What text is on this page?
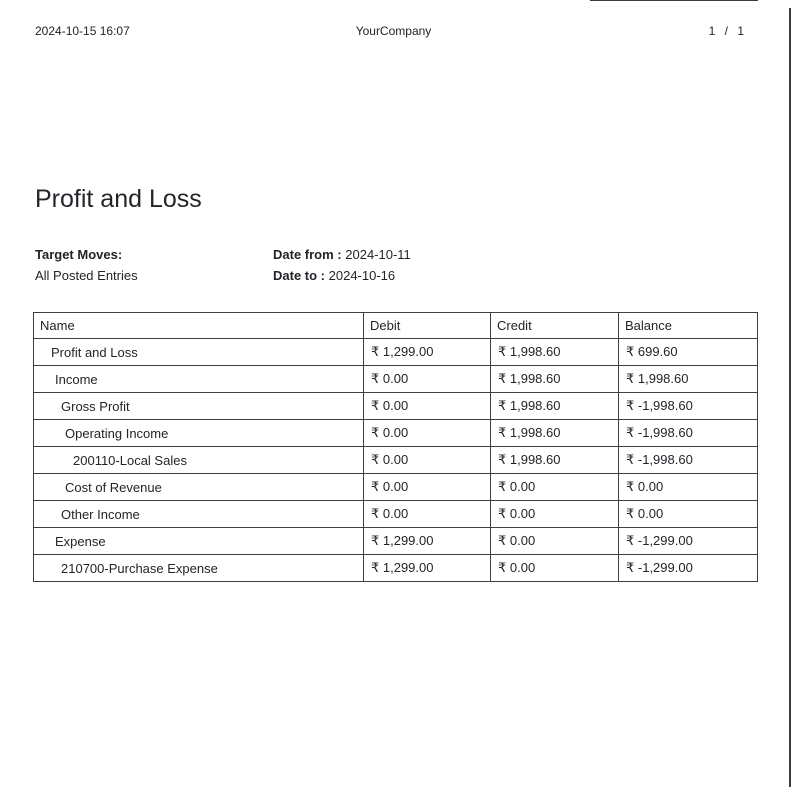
2024-10-15 16:07	YourCompany	1 / 1
Profit and Loss
Target Moves:
All Posted Entries
Date from : 2024-10-11
Date to : 2024-10-16
Name	Debit	Credit	Balance
Profit and Loss	₹ 1,299.00	₹ 1,998.60	₹ 699.60
Income	₹ 0.00	₹ 1,998.60	₹ 1,998.60
Gross Profit	₹ 0.00	₹ 1,998.60	₹ -1,998.60
Operating Income	₹ 0.00	₹ 1,998.60	₹ -1,998.60
200110-Local Sales	₹ 0.00	₹ 1,998.60	₹ -1,998.60
Cost of Revenue	₹ 0.00	₹ 0.00	₹ 0.00
Other Income	₹ 0.00	₹ 0.00	₹ 0.00
Expense	₹ 1,299.00	₹ 0.00	₹ -1,299.00
210700-Purchase Expense	₹ 1,299.00	₹ 0.00	₹ -1,299.00
